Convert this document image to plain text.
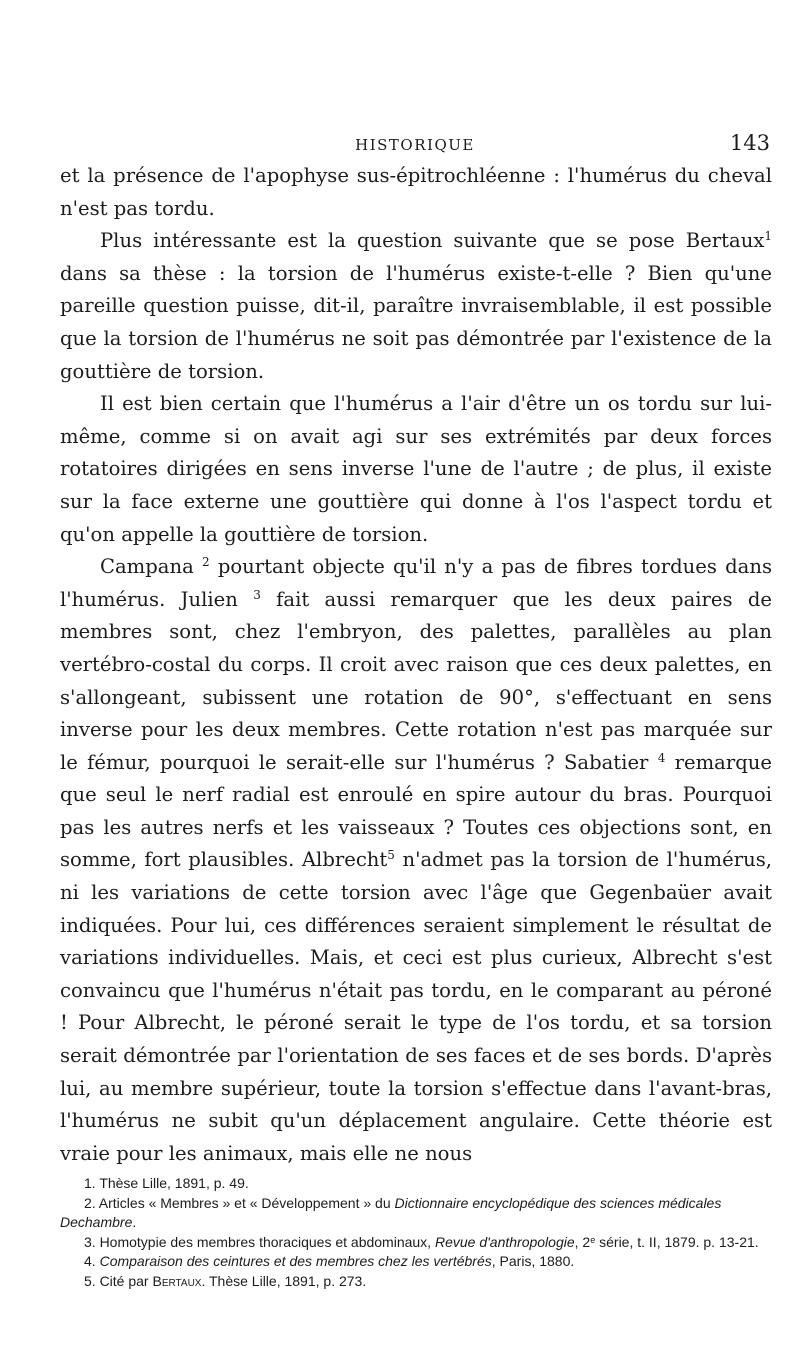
HISTORIQUE	143

et la présence de l'apophyse sus-épitrochléenne : l'humérus du cheval n'est pas tordu.

Plus intéressante est la question suivante que se pose Bertaux$^1$ dans sa thèse : la torsion de l'humérus existe-t-elle ? Bien qu'une pareille question puisse, dit-il, paraître invraisemblable, il est possible que la torsion de l'humérus ne soit pas démontrée par l'existence de la gouttière de torsion.

Il est bien certain que l'humérus a l'air d'être un os tordu sur lui-même, comme si on avait agi sur ses extrémités par deux forces rotatoires dirigées en sens inverse l'une de l'autre ; de plus, il existe sur la face externe une gouttière qui donne à l'os l'aspect tordu et qu'on appelle la gouttière de torsion.

Campana $^2$ pourtant objecte qu'il n'y a pas de fibres tordues dans l'humérus. Julien $^3$ fait aussi remarquer que les deux paires de membres sont, chez l'embryon, des palettes, parallèles au plan vertébro-costal du corps. Il croit avec raison que ces deux palettes, en s'allongeant, subissent une rotation de 90°, s'effectuant en sens inverse pour les deux membres. Cette rotation n'est pas marquée sur le fémur, pourquoi le serait-elle sur l'humérus ? Sabatier $^4$ remarque que seul le nerf radial est enroulé en spire autour du bras. Pourquoi pas les autres nerfs et les vaisseaux ? Toutes ces objections sont, en somme, fort plausibles. Albrecht$^5$ n'admet pas la torsion de l'humérus, ni les variations de cette torsion avec l'âge que Gegenbaüer avait indiquées. Pour lui, ces différences seraient simplement le résultat de variations individuelles. Mais, et ceci est plus curieux, Albrecht s'est convaincu que l'humérus n'était pas tordu, en le comparant au péroné ! Pour Albrecht, le péroné serait le type de l'os tordu, et sa torsion serait démontrée par l'orientation de ses faces et de ses bords. D'après lui, au membre supérieur, toute la torsion s'effectue dans l'avant-bras, l'humérus ne subit qu'un déplacement angulaire. Cette théorie est vraie pour les animaux, mais elle ne nous

1. Thèse Lille, 1891, p. 49.

2. Articles « Membres » et « Développement » du Dictionnaire encyclopédique des sciences médicales Dechambre.

3. Homotypie des membres thoraciques et abdominaux, Revue d'anthropologie, 2e série, t. II, 1879. p. 13-21.

4. Comparaison des ceintures et des membres chez les vertébrés, Paris, 1880.

5. Cité par Bertaux. Thèse Lille, 1891, p. 273.
